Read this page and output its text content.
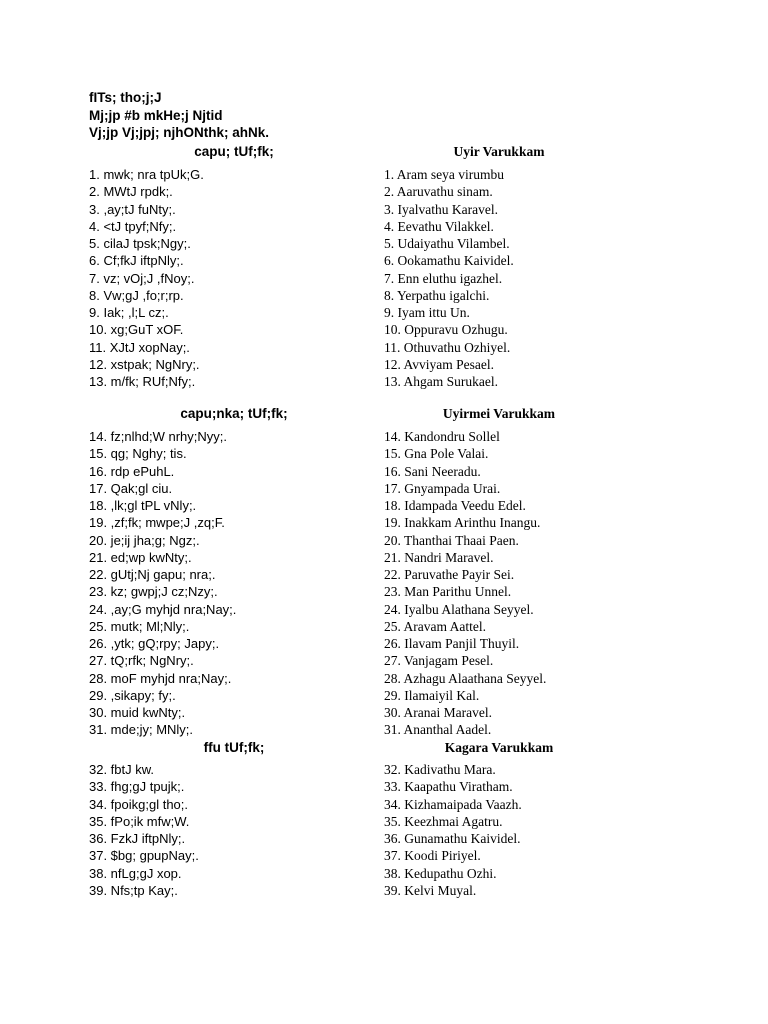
fITs; tho;j;J
Mj;jp #b mkHe;j Njtid
Vj;jp Vj;jpj; njhONthk; ahNk.
capu; tUf;fk;
1. mwk; nra tpUk;G.
2. MWtJ rpdk;.
3. ,ay;tJ fuNty;.
4. <tJ tpyf;Nfy;.
5. cilaJ tpsk;Ngy;.
6. Cf;fkJ iftpNly;.
7. vz; vOj;J ,fNoy;.
8. Vw;gJ ,fo;r;rp.
9. Iak; ,l;L cz;.
10. xg;GuT xOF.
11. XJtJ xopNay;.
12. xstpak; NgNry;.
13. m/fk; RUf;Nfy;.
Uyir Varukkam
1. Aram seya virumbu
2. Aaruvathu sinam.
3. Iyalvathu Karavel.
4. Eevathu Vilakkel.
5. Udaiyathu Vilambel.
6. Ookamathu Kaividel.
7. Enn eluthu igazhel.
8. Yerpathu igalchi.
9. Iyam ittu Un.
10. Oppuravu Ozhugu.
11. Othuvathu Ozhiyel.
12. Avviyam Pesael.
13. Ahgam Surukael.
capu;nka; tUf;fk;
14. fz;nlhd;W nrhy;Nyy;.
15. qg; Nghy; tis.
16. rdp ePuhL.
17. Qak;gl ciu.
18. ,lk;gl tPL vNly;.
19. ,zf;fk; mwpe;J ,zq;F.
20. je;ij jha;g; Ngz;.
21. ed;wp kwNty;.
22. gUtj;Nj gapu; nra;.
23. kz; gwpj;J cz;Nzy;.
24. ,ay;G myhjd nra;Nay;.
25. mutk; Ml;Nly;.
26. ,ytk; gQ;rpy; Japy;.
27. tQ;rfk; NgNry;.
28. moF myhjd nra;Nay;.
29. ,sikapy; fy;.
30. muid kwNty;.
31. mde;jy; MNly;.
Uyirmei Varukkam
14. Kandondru Sollel
15. Gna Pole Valai.
16. Sani Neeradu.
17. Gnyampada Urai.
18. Idampada Veedu Edel.
19. Inakkam Arinthu Inangu.
20. Thanthai Thaai Paen.
21. Nandri Maravel.
22. Paruvathe Payir Sei.
23. Man Parithu Unnel.
24. Iyalbu Alathana Seyyel.
25. Aravam Aattel.
26. Ilavam Panjil Thuyil.
27. Vanjagam Pesel.
28. Azhagu Alaathana Seyyel.
29. Ilamaiyil Kal.
30. Aranai Maravel.
31. Ananthal Aadel.
ffu tUf;fk;
32. fbtJ kw.
33. fhg;gJ tpujk;.
34. fpoikg;gl tho;.
35. fPo;ik mfw;W.
36. FzkJ iftpNly;.
37. $bg; gpupNay;.
38. nfLg;gJ xop.
39. Nfs;tp Kay;.
Kagara Varukkam
32. Kadivathu Mara.
33. Kaapathu Viratham.
34. Kizhamaipada Vaazh.
35. Keezhmai Agatru.
36. Gunamathu Kaividel.
37. Koodi Piriyel.
38. Kedupathu Ozhi.
39. Kelvi Muyal.
